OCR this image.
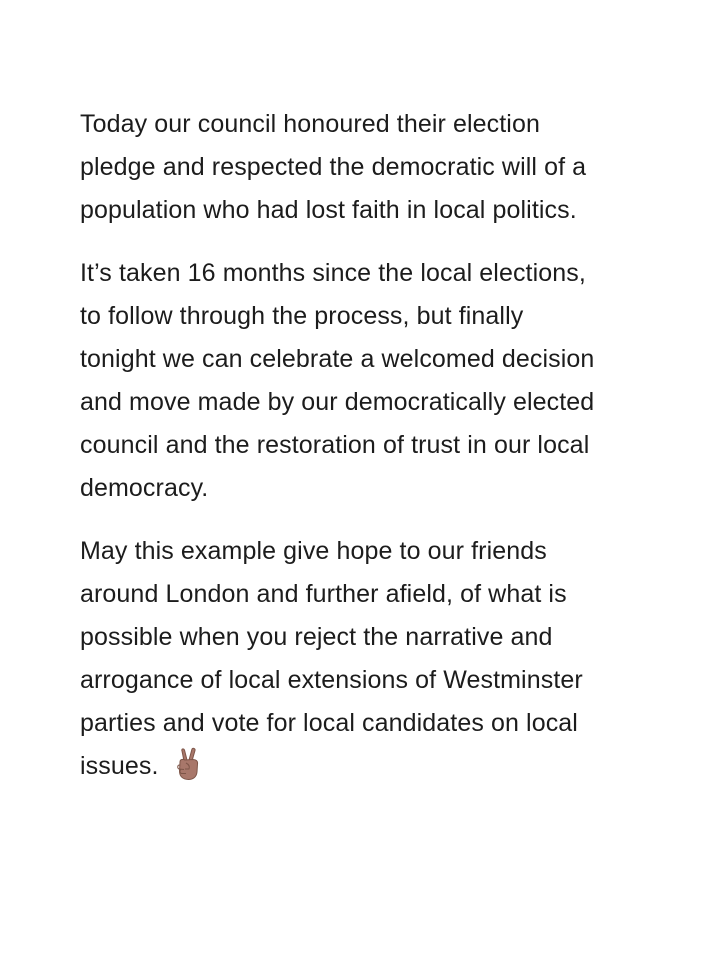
Today our council honoured their election
pledge and respected the democratic will of a
population who had lost faith in local politics.

It’s taken 16 months since the local elections,
to follow through the process, but finally
tonight we can celebrate a welcomed decision
and move made by our democratically elected
council and the restoration of trust in our local
democracy.

May this example give hope to our friends
around London and further afield, of what is
possible when you reject the narrative and
arrogance of local extensions of Westminster
parties and vote for local candidates on local
issues.
